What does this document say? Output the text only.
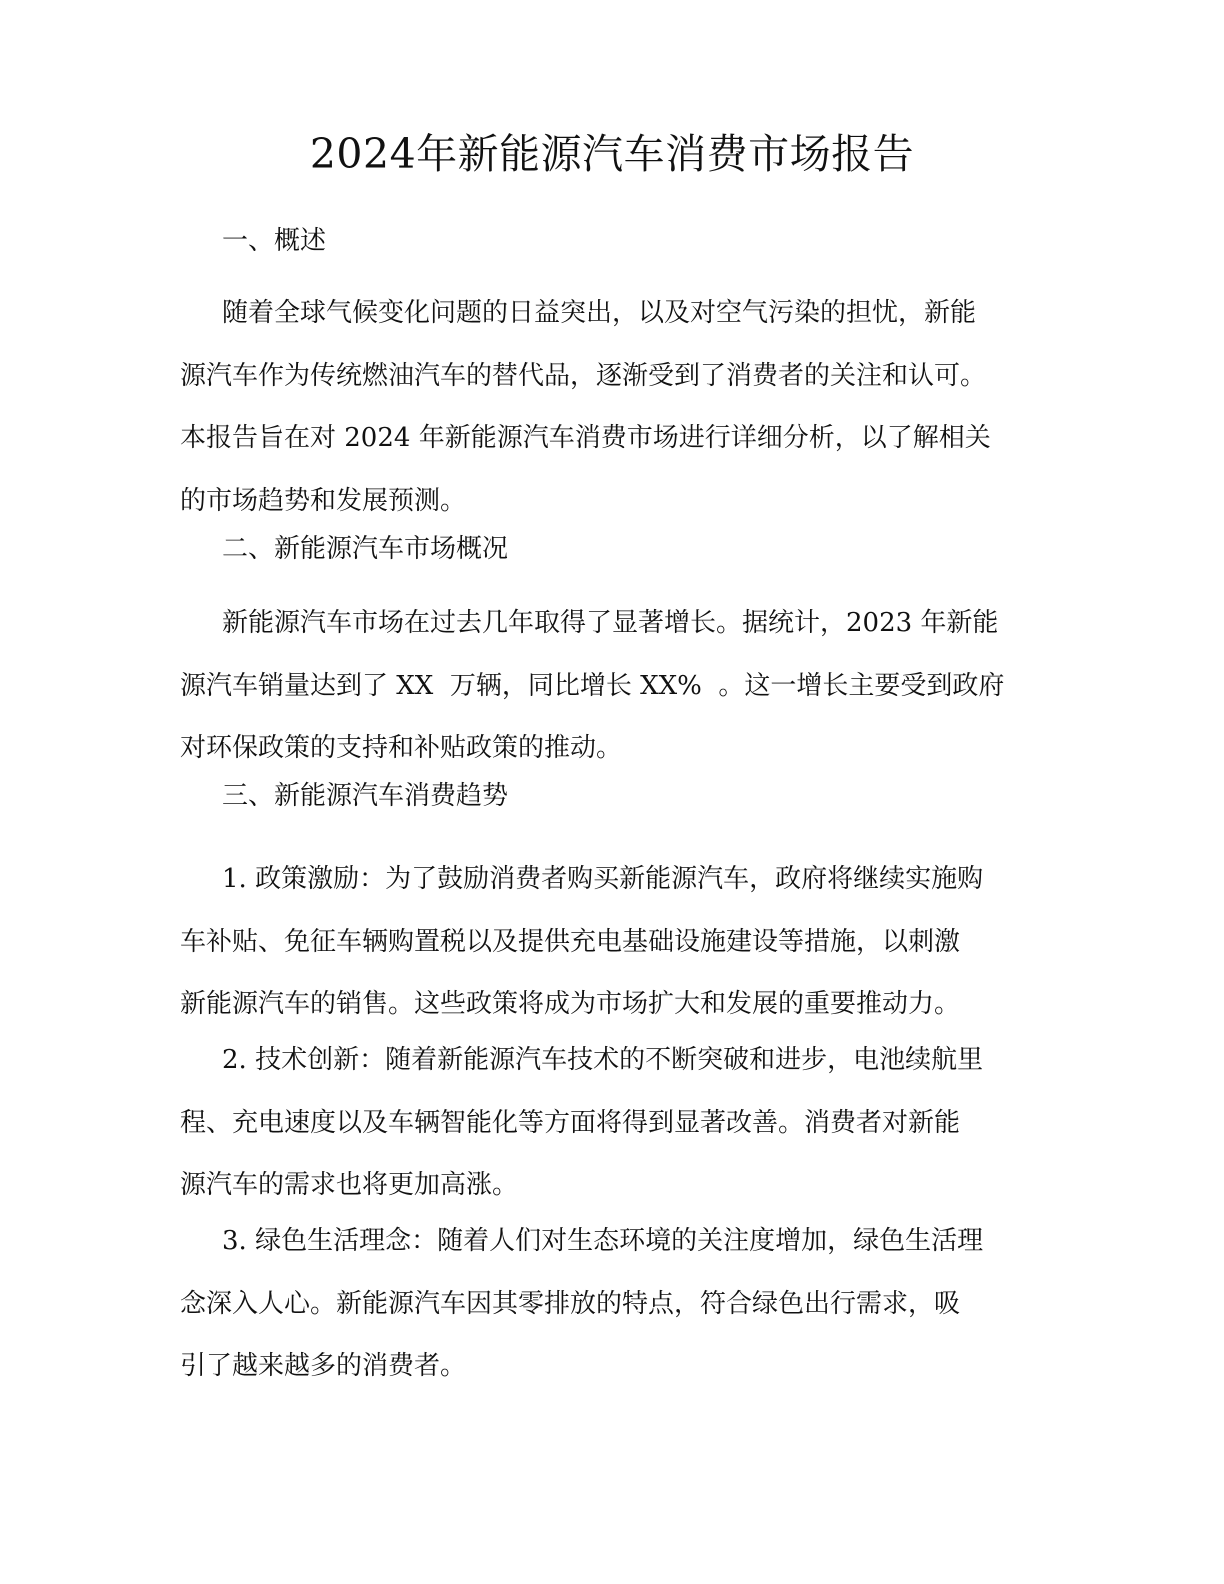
2024年新能源汽车消费市场报告
一、概述

随着全球气候变化问题的日益突出，以及对空气污染的担忧，新能
源汽车作为传统燃油汽车的替代品，逐渐受到了消费者的关注和认可。
本报告旨在对 2024 年新能源汽车消费市场进行详细分析，以了解相关
的市场趋势和发展预测。

二、新能源汽车市场概况

新能源汽车市场在过去几年取得了显著增长。据统计，2023 年新能
源汽车销量达到了 XX  万辆，同比增长 XX%  。这一增长主要受到政府
对环保政策的支持和补贴政策的推动。

三、新能源汽车消费趋势

1. 政策激励：为了鼓励消费者购买新能源汽车，政府将继续实施购
车补贴、免征车辆购置税以及提供充电基础设施建设等措施，以刺激
新能源汽车的销售。这些政策将成为市场扩大和发展的重要推动力。

2. 技术创新：随着新能源汽车技术的不断突破和进步，电池续航里
程、充电速度以及车辆智能化等方面将得到显著改善。消费者对新能
源汽车的需求也将更加高涨。

3. 绿色生活理念：随着人们对生态环境的关注度增加，绿色生活理
念深入人心。新能源汽车因其零排放的特点，符合绿色出行需求，吸
引了越来越多的消费者。
